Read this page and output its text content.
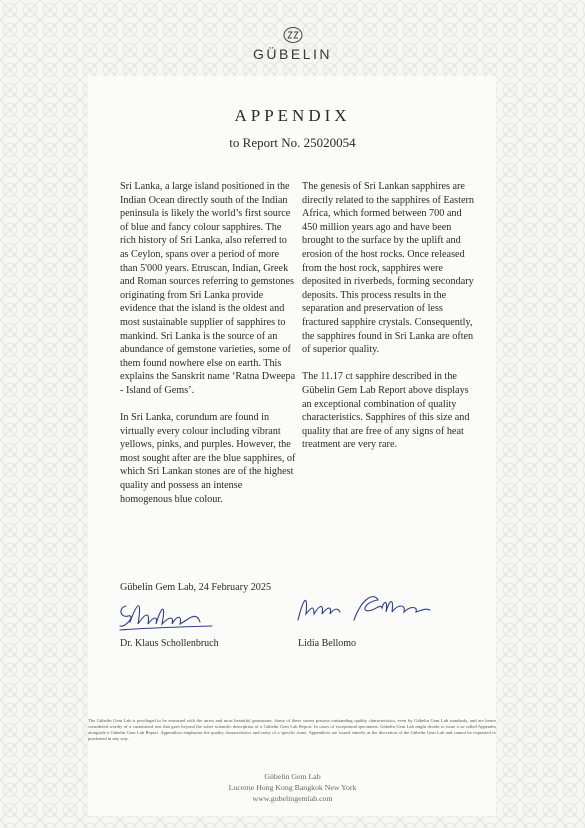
GÜBELIN
APPENDIX
to Report No. 25020054

Sri Lanka, a large island positioned in the Indian Ocean directly south of the Indian peninsula is likely the world’s first source of blue and fancy colour sapphires. The rich history of Sri Lanka, also referred to as Ceylon, spans over a period of more than 5'000 years. Etruscan, Indian, Greek and Roman sources referring to gemstones originating from Sri Lanka provide evidence that the island is the oldest and most sustainable supplier of sapphires to mankind. Sri Lanka is the source of an abundance of gemstone varieties, some of them found nowhere else on earth. This explains the Sanskrit name ‘Ratna Dweepa - Island of Gems’.

In Sri Lanka, corundum are found in virtually every colour including vibrant yellows, pinks, and purples. However, the most sought after are the blue sapphires, of which Sri Lankan stones are of the highest quality and possess an intense homogenous blue colour.

The genesis of Sri Lankan sapphires are directly related to the sapphires of Eastern Africa, which formed between 700 and 450 million years ago and have been brought to the surface by the uplift and erosion of the host rocks. Once released from the host rock, sapphires were deposited in riverbeds, forming secondary deposits. This process results in the separation and preservation of less fractured sapphire crystals. Consequently, the sapphires found in Sri Lanka are often of superior quality.

The 11.17 ct sapphire described in the Gübelin Gem Lab Report above displays an exceptional combination of quality characteristics. Sapphires of this size and quality that are free of any signs of heat treatment are very rare.

Gübelin Gem Lab, 24 February 2025
Dr. Klaus Schollenbruch	Lidia Bellomo
The Gübelin Gem Lab is privileged to be entrusted with the rarest and most beautiful gemstones. Some of these stones possess outstanding quality characteristics, even by Gübelin Gem Lab standards, and are hence considered worthy of a customised text that goes beyond the sober scientific description of a Gübelin Gem Lab Report. In cases of exceptional specimens, Gübelin Gem Lab might decide to issue a so-called Appendix alongside a Gübelin Gem Lab Report. Appendices emphasise the quality characteristics and rarity of a specific stone. Appendices are issued entirely at the discretion of the Gübelin Gem Lab and cannot be requested or purchased in any way.
Gübelin Gem Lab
Lucerne Hong Kong Bangkok New York
www.gubelingemlab.com
